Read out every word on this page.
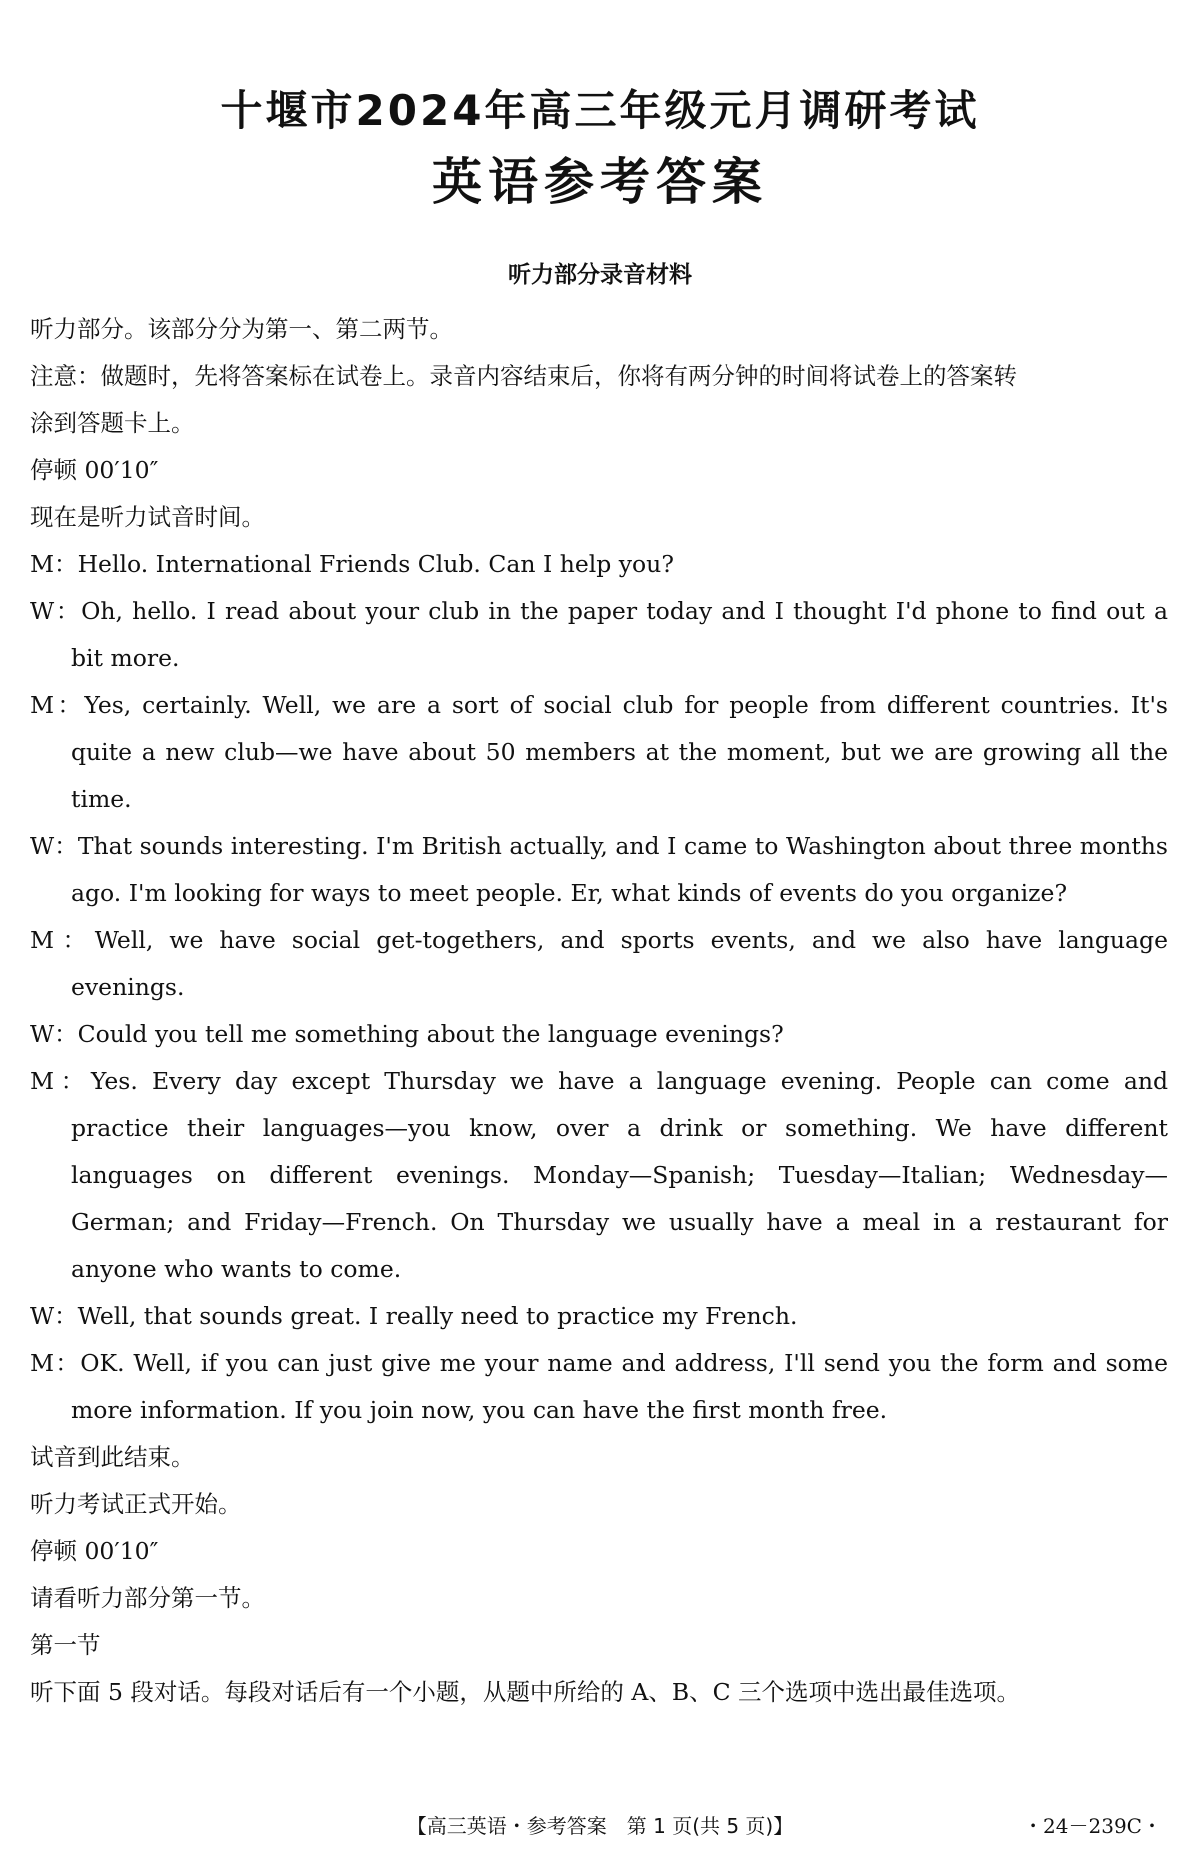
十堰市2024年高三年级元月调研考试
英语参考答案
听力部分录音材料

听力部分。该部分分为第一、第二两节。

注意：做题时，先将答案标在试卷上。录音内容结束后，你将有两分钟的时间将试卷上的答案转

涂到答题卡上。

停顿 00′10″

现在是听力试音时间。

M：Hello. International Friends Club. Can I help you?

W：Oh, hello. I read about your club in the paper today and I thought I'd phone to find out a bit more.

M：Yes, certainly. Well, we are a sort of social club for people from different countries. It's quite a new club—we have about 50 members at the moment, but we are growing all the time.

W：That sounds interesting. I'm British actually, and I came to Washington about three months ago. I'm looking for ways to meet people. Er, what kinds of events do you organize?

M：Well, we have social get-togethers, and sports events, and we also have language evenings.

W：Could you tell me something about the language evenings?

M：Yes. Every day except Thursday we have a language evening. People can come and practice their languages—you know, over a drink or something. We have different languages on different evenings. Monday—Spanish; Tuesday—Italian; Wednesday—German; and Friday—French. On Thursday we usually have a meal in a restaurant for anyone who wants to come.

W：Well, that sounds great. I really need to practice my French.

M：OK. Well, if you can just give me your name and address, I'll send you the form and some more information. If you join now, you can have the first month free.

试音到此结束。

听力考试正式开始。

停顿 00′10″

请看听力部分第一节。

第一节

听下面 5 段对话。每段对话后有一个小题，从题中所给的 A、B、C 三个选项中选出最佳选项。

【高三英语・参考答案　第 1 页(共 5 页)】	・24－239C・
